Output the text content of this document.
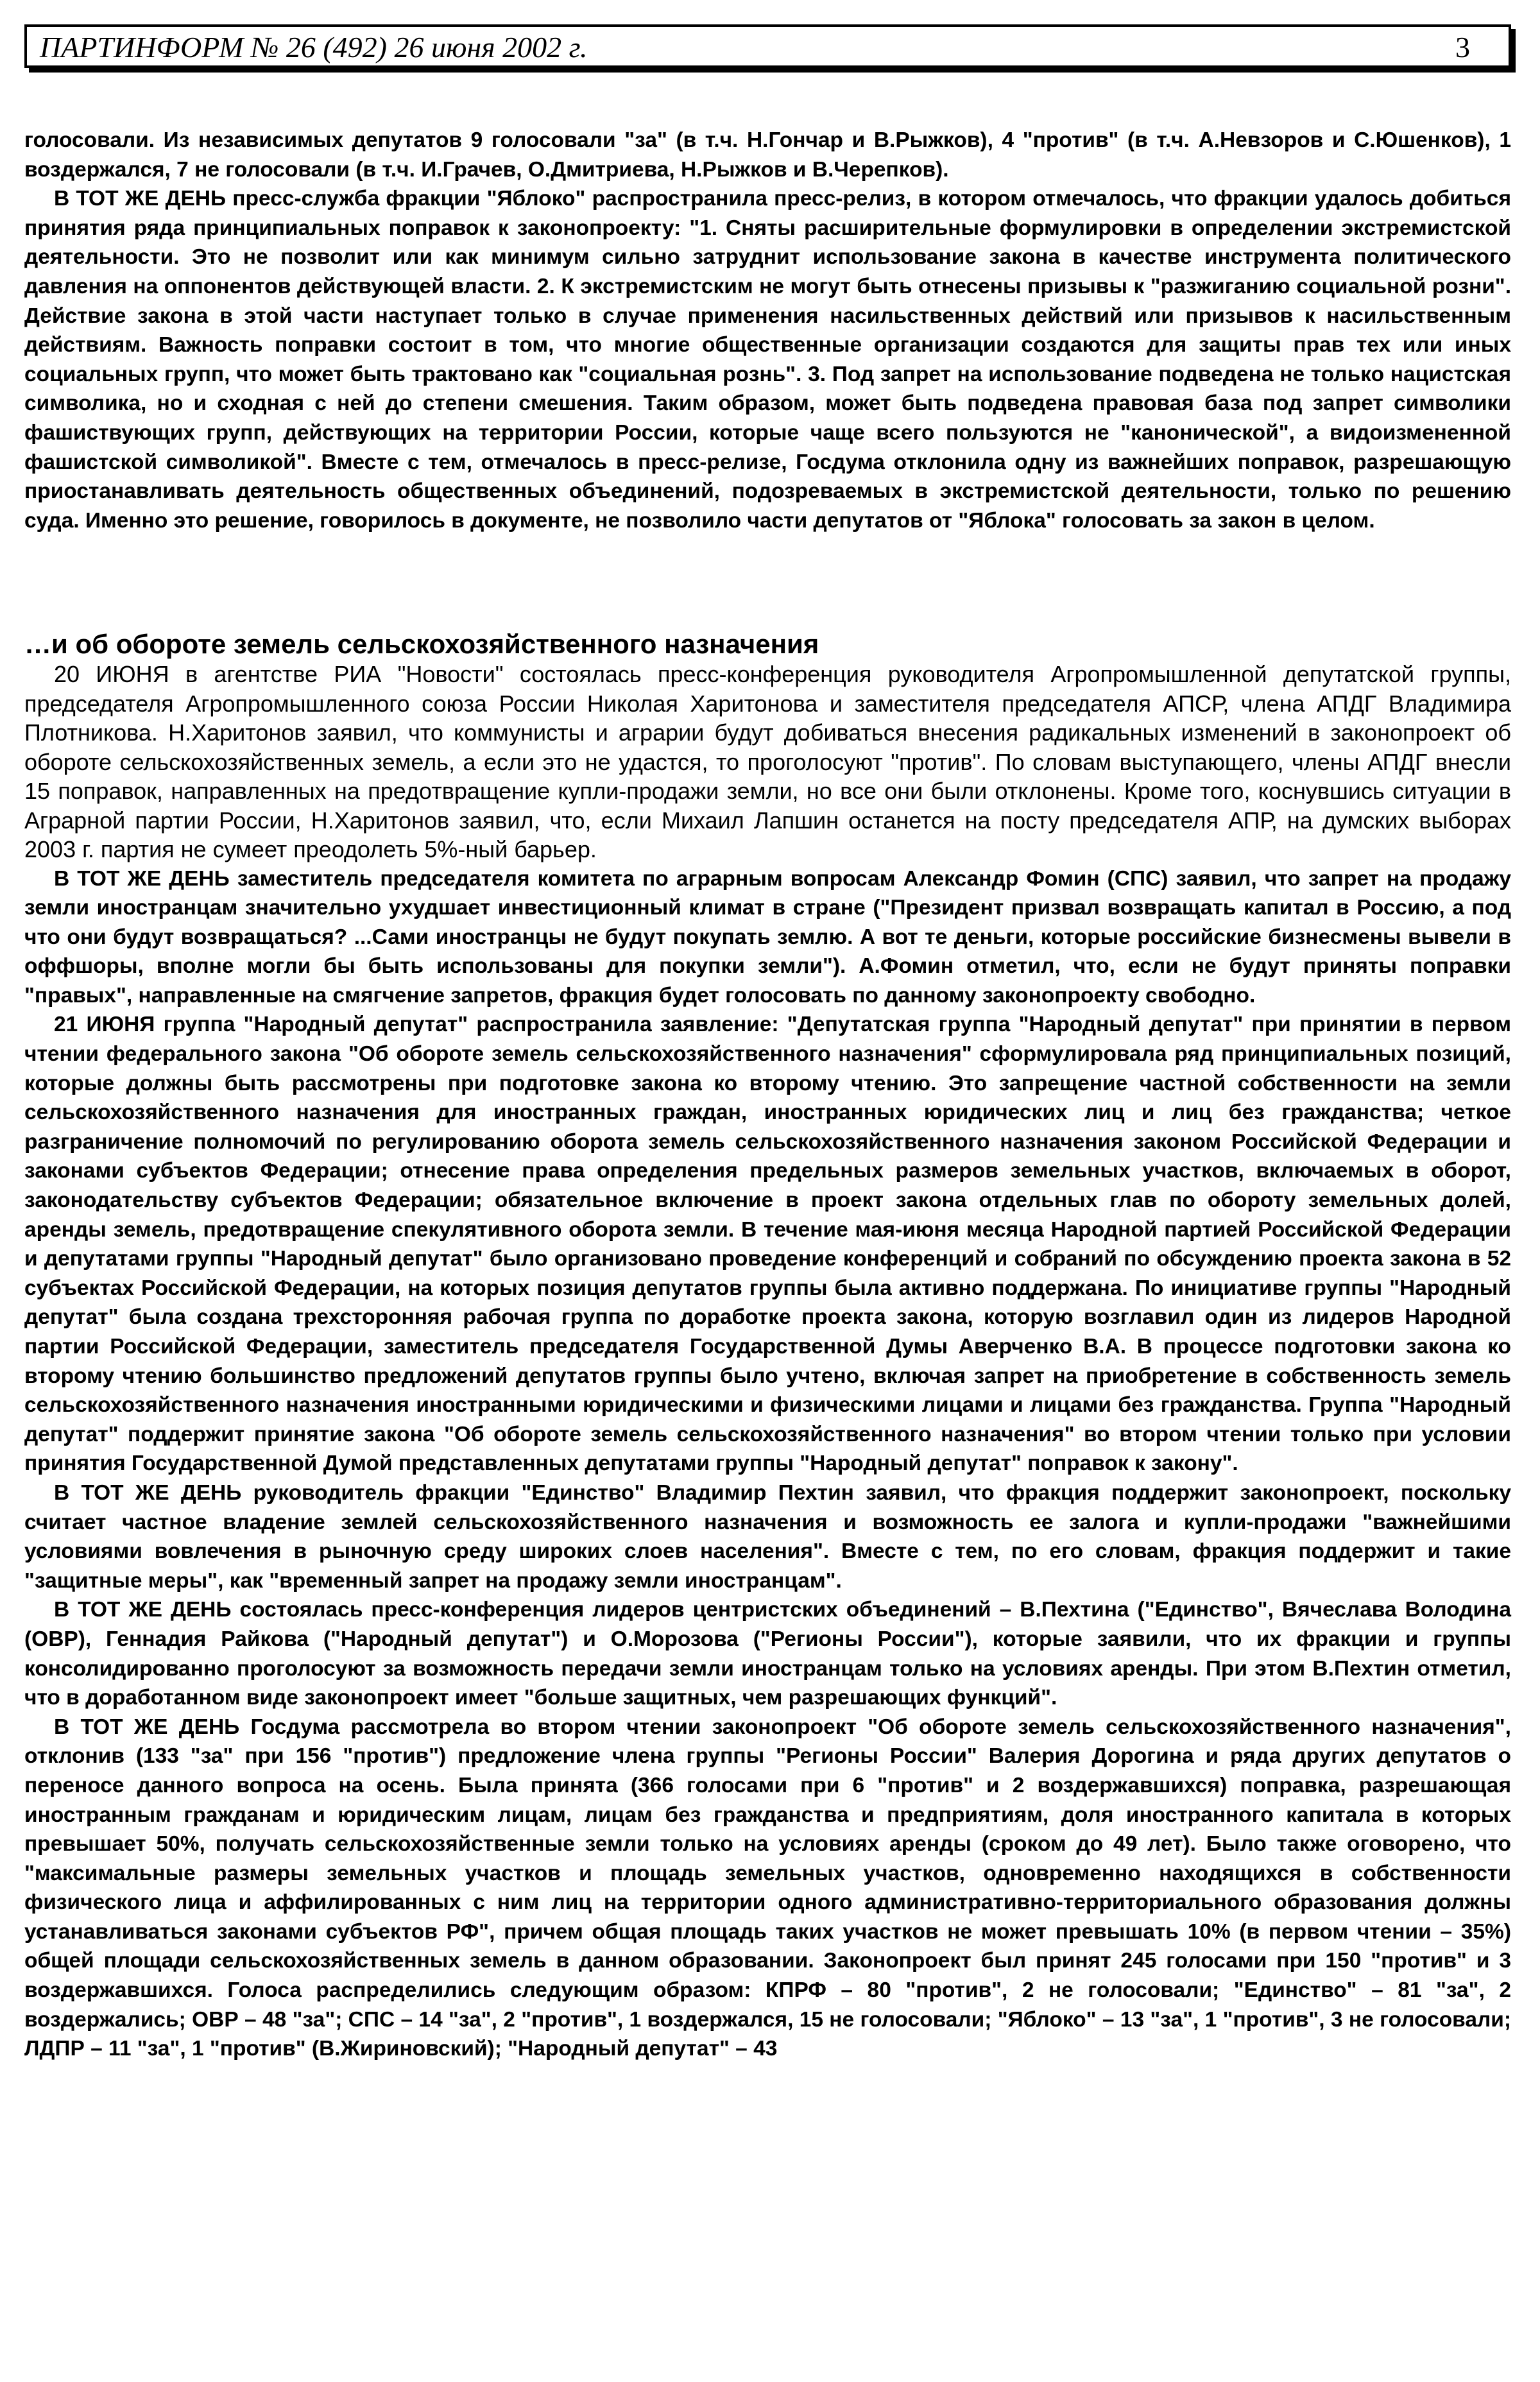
ПАРТИНФОРМ № 26 (492) 26 июня 2002 г.	3

голосовали. Из независимых депутатов 9 голосовали "за" (в т.ч. Н.Гончар и В.Рыжков), 4 "против" (в т.ч. А.Невзоров и С.Юшенков), 1 воздержался, 7 не голосовали (в т.ч. И.Грачев, О.Дмитриева, Н.Рыжков и В.Черепков).

В ТОТ ЖЕ ДЕНЬ пресс-служба фракции "Яблоко" распространила пресс-релиз, в котором отмечалось, что фракции удалось добиться принятия ряда принципиальных поправок к законопроекту: "1. Сняты расширительные формулировки в определении экстремистской деятельности. Это не позволит или как минимум сильно затруднит использование закона в качестве инструмента политического давления на оппонентов действующей власти. 2. К экстремистским не могут быть отнесены призывы к "разжиганию социальной розни". Действие закона в этой части наступает только в случае применения насильственных действий или призывов к насильственным действиям. Важность поправки состоит в том, что многие общественные организации создаются для защиты прав тех или иных социальных групп, что может быть трактовано как "социальная рознь". 3. Под запрет на использование подведена не только нацистская символика, но и сходная с ней до степени смешения. Таким образом, может быть подведена правовая база под запрет символики фашиствующих групп, действующих на территории России, которые чаще всего пользуются не "канонической", а видоизмененной фашистской символикой". Вместе с тем, отмечалось в пресс-релизе, Госдума отклонила одну из важнейших поправок, разрешающую приостанавливать деятельность общественных объединений, подозреваемых в экстремистской деятельности, только по решению суда. Именно это решение, говорилось в документе, не позволило части депутатов от "Яблока" голосовать за закон в целом.

…и об обороте земель сельскохозяйственного назначения

20 ИЮНЯ в агентстве РИА "Новости" состоялась пресс-конференция руководителя Агропромышленной депутатской группы, председателя Агропромышленного союза России Николая Харитонова и заместителя председателя АПСР, члена АПДГ Владимира Плотникова. Н.Харитонов заявил, что коммунисты и аграрии будут добиваться внесения радикальных изменений в законопроект об обороте сельскохозяйственных земель, а если это не удастся, то проголосуют "против". По словам выступающего, члены АПДГ внесли 15 поправок, направленных на предотвращение купли-продажи земли, но все они были отклонены. Кроме того, коснувшись ситуации в Аграрной партии России, Н.Харитонов заявил, что, если Михаил Лапшин останется на посту председателя АПР, на думских выборах 2003 г. партия не сумеет преодолеть 5%-ный барьер.

В ТОТ ЖЕ ДЕНЬ заместитель председателя комитета по аграрным вопросам Александр Фомин (СПС) заявил, что запрет на продажу земли иностранцам значительно ухудшает инвестиционный климат в стране ("Президент призвал возвращать капитал в Россию, а под что они будут возвращаться? ...Сами иностранцы не будут покупать землю. А вот те деньги, которые российские бизнесмены вывели в оффшоры, вполне могли бы быть использованы для покупки земли"). А.Фомин отметил, что, если не будут приняты поправки "правых", направленные на смягчение запретов, фракция будет голосовать по данному законопроекту свободно.

21 ИЮНЯ группа "Народный депутат" распространила заявление: "Депутатская группа "Народный депутат" при принятии в первом чтении федерального закона "Об обороте земель сельскохозяйственного назначения" сформулировала ряд принципиальных позиций, которые должны быть рассмотрены при подготовке закона ко второму чтению. Это запрещение частной собственности на земли сельскохозяйственного назначения для иностранных граждан, иностранных юридических лиц и лиц без гражданства; четкое разграничение полномочий по регулированию оборота земель сельскохозяйственного назначения законом Российской Федерации и законами субъектов Федерации; отнесение права определения предельных размеров земельных участков, включаемых в оборот, законодательству субъектов Федерации; обязательное включение в проект закона отдельных глав по обороту земельных долей, аренды земель, предотвращение спекулятивного оборота земли. В течение мая-июня месяца Народной партией Российской Федерации и депутатами группы "Народный депутат" было организовано проведение конференций и собраний по обсуждению проекта закона в 52 субъектах Российской Федерации, на которых позиция депутатов группы была активно поддержана. По инициативе группы "Народный депутат" была создана трехсторонняя рабочая группа по доработке проекта закона, которую возглавил один из лидеров Народной партии Российской Федерации, заместитель председателя Государственной Думы Аверченко В.А. В процессе подготовки закона ко второму чтению большинство предложений депутатов группы было учтено, включая запрет на приобретение в собственность земель сельскохозяйственного назначения иностранными юридическими и физическими лицами и лицами без гражданства. Группа "Народный депутат" поддержит принятие закона "Об обороте земель сельскохозяйственного назначения" во втором чтении только при условии принятия Государственной Думой представленных депутатами группы "Народный депутат" поправок к закону".

В ТОТ ЖЕ ДЕНЬ руководитель фракции "Единство" Владимир Пехтин заявил, что фракция поддержит законопроект, поскольку считает частное владение землей сельскохозяйственного назначения и возможность ее залога и купли-продажи "важнейшими условиями вовлечения в рыночную среду широких слоев населения". Вместе с тем, по его словам, фракция поддержит и такие "защитные меры", как "временный запрет на продажу земли иностранцам".

В ТОТ ЖЕ ДЕНЬ состоялась пресс-конференция лидеров центристских объединений – В.Пехтина ("Единство", Вячеслава Володина (ОВР), Геннадия Райкова ("Народный депутат") и О.Морозова ("Регионы России"), которые заявили, что их фракции и группы консолидированно проголосуют за возможность передачи земли иностранцам только на условиях аренды. При этом В.Пехтин отметил, что в доработанном виде законопроект имеет "больше защитных, чем разрешающих функций".

В ТОТ ЖЕ ДЕНЬ Госдума рассмотрела во втором чтении законопроект "Об обороте земель сельскохозяйственного назначения", отклонив (133 "за" при 156 "против") предложение члена группы "Регионы России" Валерия Дорогина и ряда других депутатов о переносе данного вопроса на осень. Была принята (366 голосами при 6 "против" и 2 воздержавшихся) поправка, разрешающая иностранным гражданам и юридическим лицам, лицам без гражданства и предприятиям, доля иностранного капитала в которых превышает 50%, получать сельскохозяйственные земли только на условиях аренды (сроком до 49 лет). Было также оговорено, что "максимальные размеры земельных участков и площадь земельных участков, одновременно находящихся в собственности физического лица и аффилированных с ним лиц на территории одного административно-территориального образования должны устанавливаться законами субъектов РФ", причем общая площадь таких участков не может превышать 10% (в первом чтении – 35%) общей площади сельскохозяйственных земель в данном образовании. Законопроект был принят 245 голосами при 150 "против" и 3 воздержавшихся. Голоса распределились следующим образом: КПРФ – 80 "против", 2 не голосовали; "Единство" – 81 "за", 2 воздержались; ОВР – 48 "за"; СПС – 14 "за", 2 "против", 1 воздержался, 15 не голосовали; "Яблоко" – 13 "за", 1 "против", 3 не голосовали; ЛДПР – 11 "за", 1 "против" (В.Жириновский); "Народный депутат" – 43
